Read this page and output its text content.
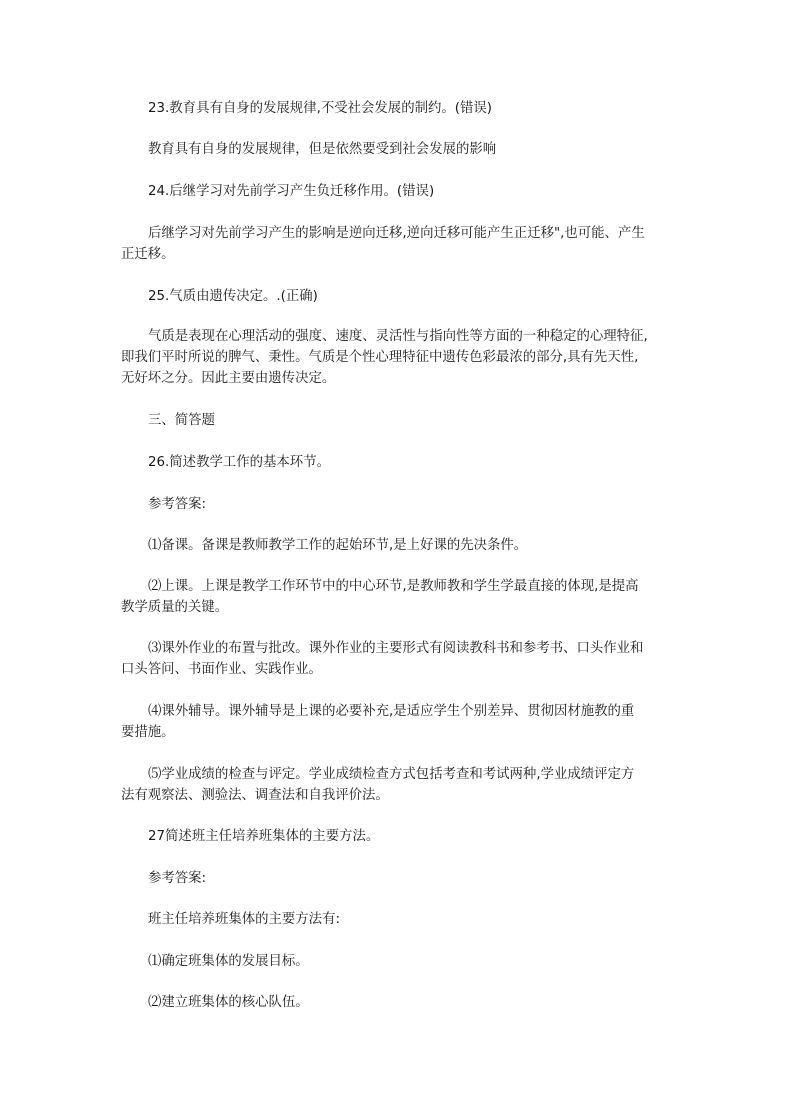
23.教育具有自身的发展规律,不受社会发展的制约。(错误)

教育具有自身的发展规律，但是依然要受到社会发展的影响

24.后继学习对先前学习产生负迁移作用。(错误)

后继学习对先前学习产生的影响是逆向迁移,逆向迁移可能产生正迁移",也可能、产生
正迁移。

25.气质由遗传决定。.(正确)

气质是表现在心理活动的强度、速度、灵活性与指向性等方面的一种稳定的心理特征,
即我们平时所说的脾气、秉性。气质是个性心理特征中遗传色彩最浓的部分,具有先天性,
无好坏之分。因此主要由遗传决定。

三、简答题

26.简述教学工作的基本环节。

参考答案:

⑴备课。备课是教师教学工作的起始环节,是上好课的先决条件。

⑵上课。上课是教学工作环节中的中心环节,是教师教和学生学最直接的体现,是提高
教学质量的关键。

⑶课外作业的布置与批改。课外作业的主要形式有阅读教科书和参考书、口头作业和
口头答问、书面作业、实践作业。

⑷课外辅导。课外辅导是上课的必要补充,是适应学生个别差异、贯彻因材施教的重
要措施。

⑸学业成绩的检查与评定。学业成绩检查方式包括考查和考试两种,学业成绩评定方
法有观察法、测验法、调查法和自我评价法。

27简述班主任培养班集体的主要方法。

参考答案:

班主任培养班集体的主要方法有:

⑴确定班集体的发展目标。

⑵建立班集体的核心队伍。
